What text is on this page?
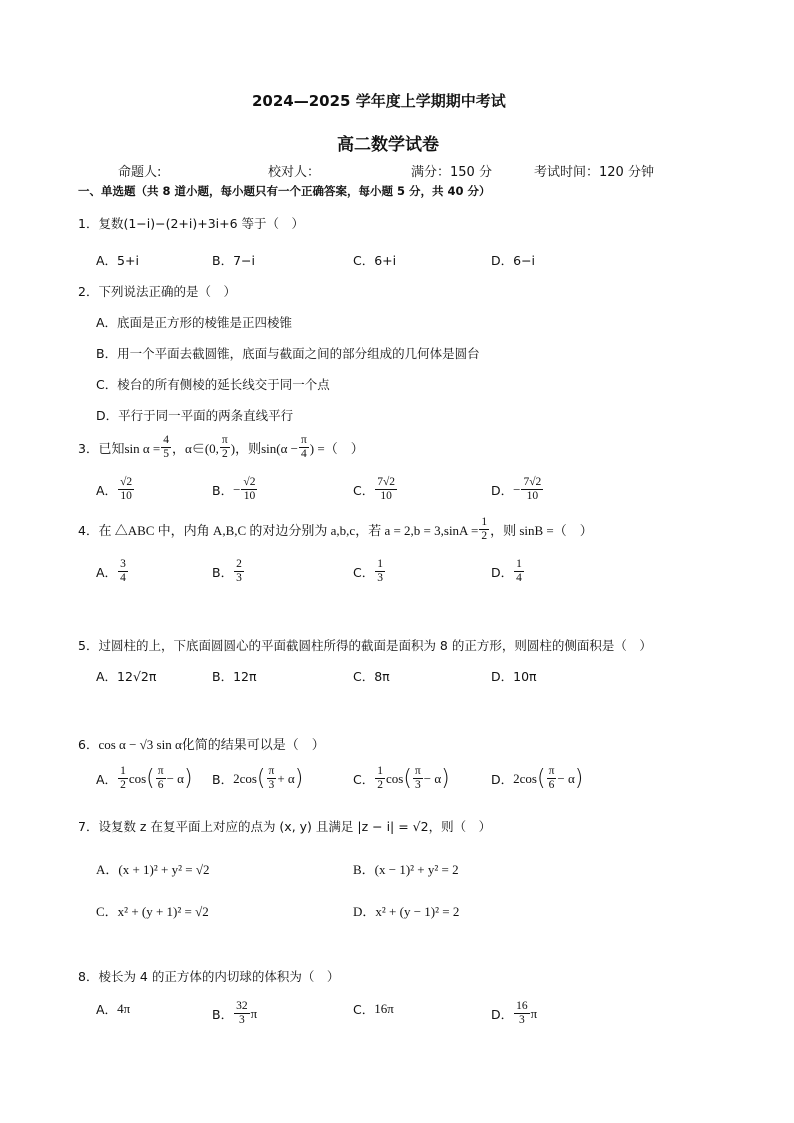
2024—2025 学年度上学期期中考试
高二数学试卷
命题人:	校对人：	满分：150 分	考试时间：120 分钟
一、单选题（共 8 道小题，每小题只有一个正确答案，每小题 5 分，共 40 分）
1．复数(1−i)−(2+i)+3i+6 等于（　）
A．5+i	B．7−i	C．6+i	D．6−i
2．下列说法正确的是（　）
A．底面是正方形的棱锥是正四棱锥
B．用一个平面去截圆锥，底面与截面之间的部分组成的几何体是圆台
C．棱台的所有侧棱的延长线交于同一个点
D．平行于同一平面的两条直线平行
3． 已知$\sin \alpha = \frac{4}{5}$ ，α∈(0, $\frac{\pi}{2}$ )，则$\sin(\alpha - \frac{\pi}{4}$ ) =（　）
A． $\frac{√2}{10}$	B． − $\frac{√2}{10}$	C． $\frac{7√2}{10}$	D． − $\frac{7√2}{10}$
4． 在 △ABC 中，内角 A,B,C 的对边分别为 a,b,c，若 $a = 2,b = 3,\sin A = \frac{1}{2}$ ，则 sinB =（　）
A． $\frac{3}{4}$	B． $\frac{2}{3}$	C． $\frac{1}{3}$	D． $\frac{1}{4}$
5．过圆柱的上，下底面圆圆心的平面截圆柱所得的截面是面积为 8 的正方形，则圆柱的侧面积是（　）
A．12√2π	B．12π	C．8π	D．10π
6．cos α − √3 sin α化简的结果可以是（　）
A． $\frac{1}{2}$ cos ( $\frac{\pi}{6} - \alpha$ ) B． 2 cos ( $\frac{\pi}{3} + \alpha$ )	C． $\frac{1}{2}$ cos ( $\frac{\pi}{3} - \alpha$ )	D． 2 cos ( $\frac{\pi}{6} - \alpha$ )
7．设复数 z 在复平面上对应的点为 (x, y) 且满足 |z − i| = √2，则（　）
A．(x + 1)² + y² = √2	B．(x − 1)² + y² = 2
C．x² + (y + 1)² = √2	D．x² + (y − 1)² = 2
8．棱长为 4 的正方体的内切球的体积为（　）
A． 4π	B． $\frac{32}{3}$ π	C． 16π	D． $\frac{16}{3}$ π
